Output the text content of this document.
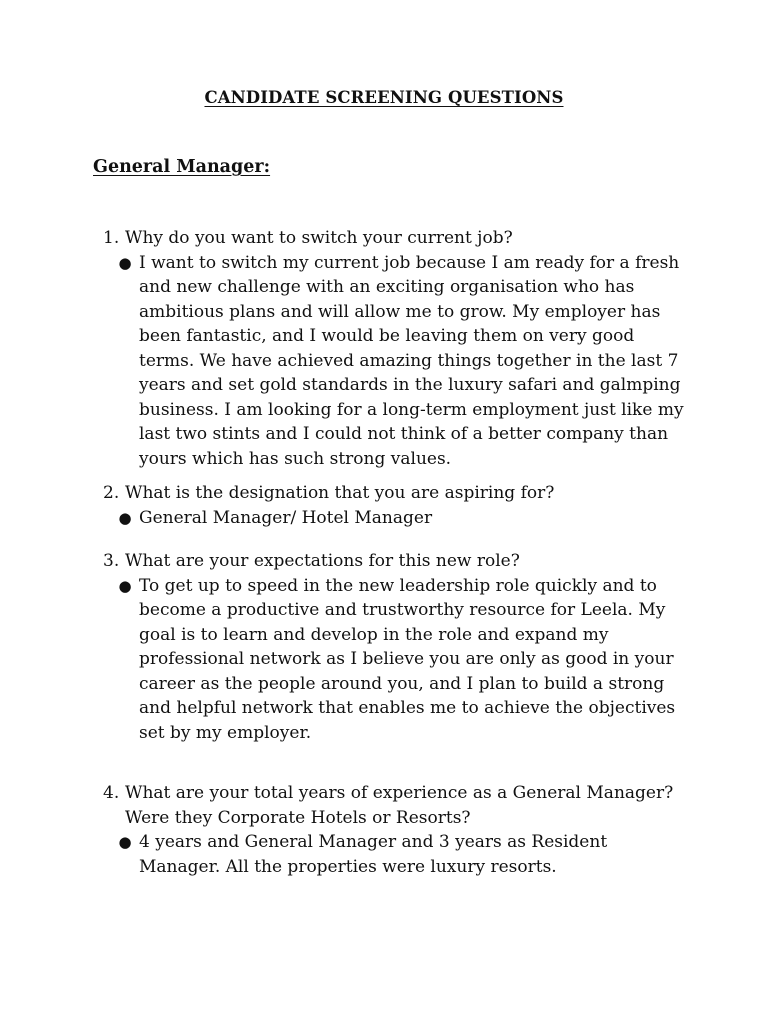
CANDIDATE SCREENING QUESTIONS
General Manager:
1. Why do you want to switch your current job?
● I want to switch my current job because I am ready for a fresh and new challenge with an exciting organisation who has ambitious plans and will allow me to grow. My employer has been fantastic, and I would be leaving them on very good terms. We have achieved amazing things together in the last 7 years and set gold standards in the luxury safari and galmping business. I am looking for a long-term employment just like my last two stints and I could not think of a better company than yours which has such strong values.
2. What is the designation that you are aspiring for?
● General Manager/ Hotel Manager
3. What are your expectations for this new role?
● To get up to speed in the new leadership role quickly and to become a productive and trustworthy resource for Leela. My goal is to learn and develop in the role and expand my professional network as I believe you are only as good in your career as the people around you, and I plan to build a strong and helpful network that enables me to achieve the objectives set by my employer.
4. What are your total years of experience as a General Manager? Were they Corporate Hotels or Resorts?
● 4 years and General Manager and 3 years as Resident Manager. All the properties were luxury resorts.
